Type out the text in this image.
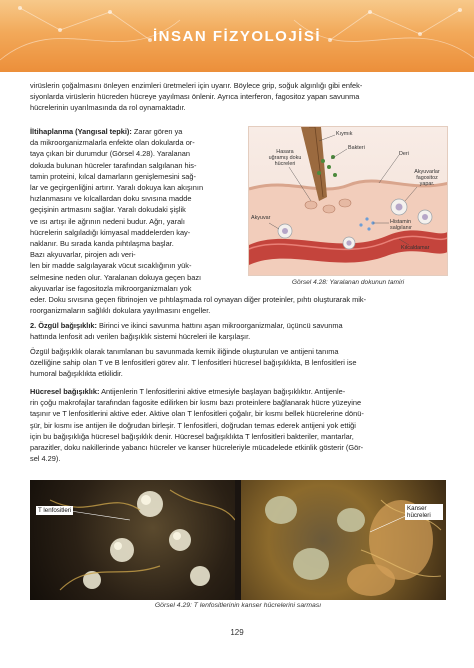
İNSAN FİZYOLOJİSİ
virüslerin çoğalmasını önleyen enzimleri üretmeleri için uyarır. Böylece grip, soğuk algınlığı gibi enfek-
siyonlarda virüslerin hücreden hücreye yayılması önlenir. Ayrıca interferon, fagositoz yapan savunma
hücrelerinin uyarılmasında da rol oynamaktadır.
İltihaplanma (Yangısal tepki): Zarar gören ya
da mikroorganizmalarla enfekte olan dokularda or-
taya çıkan bir durumdur (Görsel 4.28). Yaralanan
dokuda bulunan hücreler tarafından salgılanan his-
tamin proteini, kılcal damarların genişlemesini sağ-
lar ve geçirgenliğini artırır. Yaralı dokuya kan akışının
hızlanmasını ve kılcallardan doku sıvısına madde
geçişinin artmasını sağlar. Yaralı dokudaki şişlik
ve ısı artışı ile ağrının nedeni budur. Ağrı, yaralı
hücrelerin salgıladığı kimyasal maddelerden kay-
naklanır. Bu sırada kanda pıhtılaşma başlar.
Bazı akyuvarlar, pirojen adı veri-
len bir madde salgılayarak vücut sıcaklığının yük-
selmesine neden olur. Yaralanan dokuya geçen bazı
akyuvarlar ise fagositozla mikroorganizmaları yok
Kıymık
Bakteri
Hasara
uğramış doku
hücreleri
Deri
Akyuvarlar
fagositoz
yapar.
Akyuvar
Histamin
salgılanır
Kılcaldamar
Görsel 4.28: Yaralanan dokunun tamiri
eder. Doku sıvısına geçen fibrinojen ve pıhtılaşmada rol oynayan diğer proteinler, pıhtı oluşturarak mik-
roorganizmaların sağlıklı dokulara yayılmasını engeller.
2. Özgül bağışıklık: Birinci ve ikinci savunma hattını aşan mikroorganizmalar, üçüncü savunma
hattında lenfosit adı verilen bağışıklık sistemi hücreleri ile karşılaşır.
Özgül bağışıklık olarak tanımlanan bu savunmada kemik iliğinde oluşturulan ve antijeni tanıma
özelliğine sahip olan T ve B lenfositleri görev alır. T lenfositleri hücresel bağışıklıkta, B lenfositleri ise
humoral bağışıklıkta etkilidir.
Hücresel bağışıklık: Antijenlerin T lenfositlerini aktive etmesiyle başlayan bağışıklıktır. Antijenle-
rin çoğu makrofajlar tarafından fagosite edilirken bir kısmı bazı proteinlere bağlanarak hücre yüzeyine
taşınır ve T lenfositlerini aktive eder. Aktive olan T lenfositleri çoğalır, bir kısmı bellek hücrelerine dönü-
şür, bir kısmı ise antijen ile doğrudan birleşir. T lenfositleri, doğrudan temas ederek antijeni yok ettiği
için bu bağışıklığa hücresel bağışıklık denir. Hücresel bağışıklıkta T lenfositleri bakteriler, mantarlar,
parazitler, doku nakillerinde yabancı hücreler ve kanser hücreleriyle mücadelede etkinlik gösterir (Gör-
sel 4.29).
T lenfositleri	Kanser
hücreleri
Görsel 4.29: T lenfositlerinin kanser hücrelerini sarması
129
